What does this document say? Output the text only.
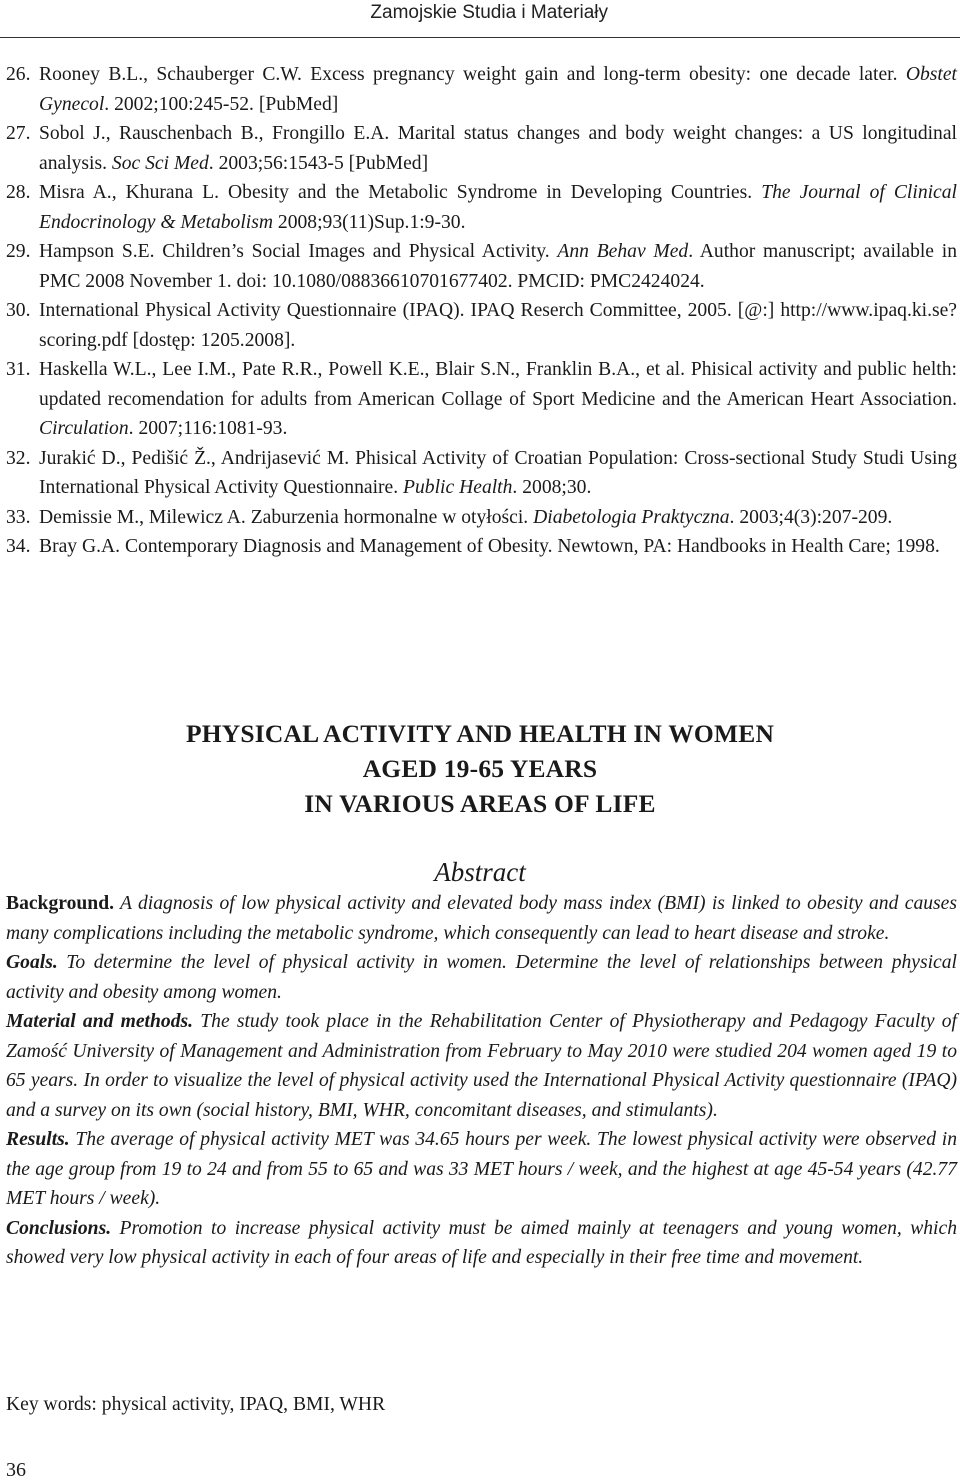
Zamojskie Studia i Materiały
26. Rooney B.L., Schauberger C.W. Excess pregnancy weight gain and long-term obesity: one decade later. Obstet Gynecol. 2002;100:245-52. [PubMed]
27. Sobol J., Rauschenbach B., Frongillo E.A. Marital status changes and body weight changes: a US longitudinal analysis. Soc Sci Med. 2003;56:1543-5 [PubMed]
28. Misra A., Khurana L. Obesity and the Metabolic Syndrome in Developing Countries. The Journal of Clinical Endocrinology & Metabolism 2008;93(11)Sup.1:9-30.
29. Hampson S.E. Children’s Social Images and Physical Activity. Ann Behav Med. Author manuscript; available in PMC 2008 November 1. doi: 10.1080/08836610701677402. PMCID: PMC2424024.
30. International Physical Activity Questionnaire (IPAQ). IPAQ Reserch Committee, 2005. [@:] http://www.ipaq.ki.se?scoring.pdf [dostęp: 1205.2008].
31. Haskella W.L., Lee I.M., Pate R.R., Powell K.E., Blair S.N., Franklin B.A., et al. Phisical activity and public helth: updated recomendation for adults from American Collage of Sport Medicine and the American Heart Association. Circulation. 2007;116:1081-93.
32. Jurakić D., Pedišić Ž., Andrijasević M. Phisical Activity of Croatian Population: Cross-sectional Study Studi Using International Physical Activity Questionnaire. Public Health. 2008;30.
33. Demissie M., Milewicz A. Zaburzenia hormonalne w otyłości. Diabetologia Praktyczna. 2003;4(3):207-209.
34. Bray G.A. Contemporary Diagnosis and Management of Obesity. Newtown, PA: Handbooks in Health Care; 1998.
PHYSICAL ACTIVITY AND HEALTH IN WOMEN
AGED 19-65 YEARS
IN VARIOUS AREAS OF LIFE
Abstract

Background. A diagnosis of low physical activity and elevated body mass index (BMI) is linked to obesity and causes many complications including the metabolic syndrome, which consequently can lead to heart disease and stroke.

Goals. To determine the level of physical activity in women. Determine the level of relationships between physical activity and obesity among women.

Material and methods. The study took place in the Rehabilitation Center of Physiotherapy and Pedagogy Faculty of Zamość University of Management and Administration from February to May 2010 were studied 204 women aged 19 to 65 years. In order to visualize the level of physical activity used the International Physical Activity questionnaire (IPAQ) and a survey on its own (social history, BMI, WHR, concomitant diseases, and stimulants).

Results. The average of physical activity MET was 34.65 hours per week. The lowest physical activity were observed in the age group from 19 to 24 and from 55 to 65 and was 33 MET hours / week, and the highest at age 45-54 years (42.77 MET hours / week).

Conclusions. Promotion to increase physical activity must be aimed mainly at teenagers and young women, which showed very low physical activity in each of four areas of life and especially in their free time and movement.

Key words: physical activity, IPAQ, BMI, WHR
36
